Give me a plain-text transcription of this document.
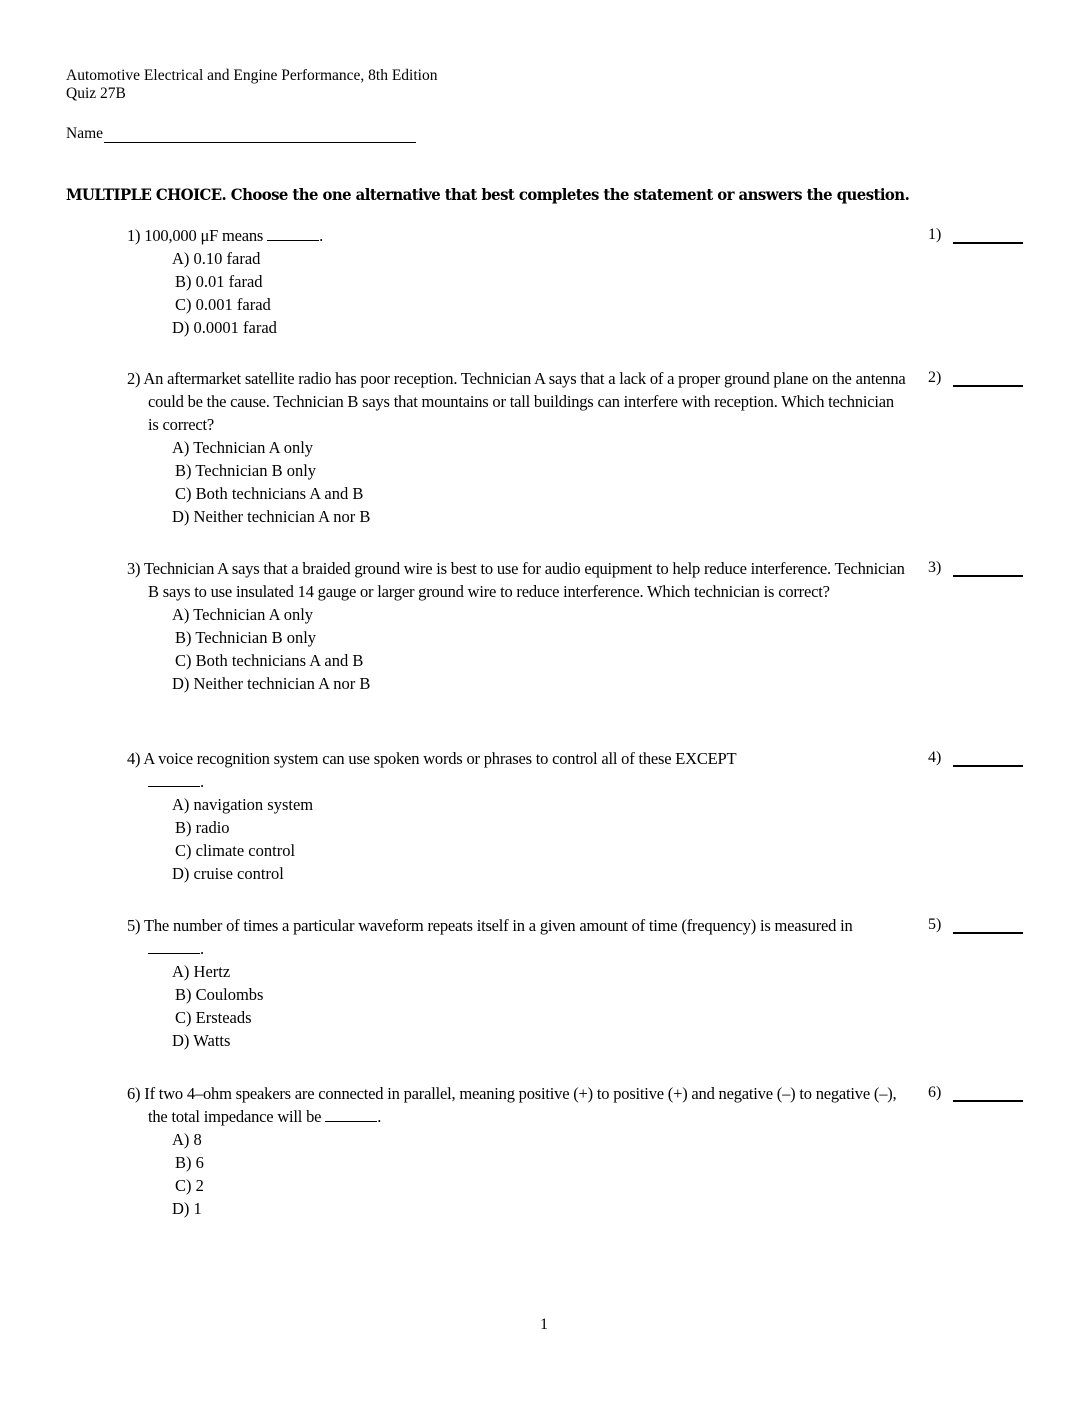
Automotive Electrical and Engine Performance, 8th Edition
Quiz 27B
Name
MULTIPLE CHOICE. Choose the one alternative that best completes the statement or answers the question.
1) 100,000 μF means	.
A) 0.10 farad
B) 0.01 farad
C) 0.001 farad
D) 0.0001 farad
1)
2) An aftermarket satellite radio has poor reception. Technician A says that a lack of a proper ground plane on the antenna could be the cause. Technician B says that mountains or tall buildings can interfere with reception. Which technician is correct?
A) Technician A only
B) Technician B only
C) Both technicians A and B
D) Neither technician A nor B
2)
3) Technician A says that a braided ground wire is best to use for audio equipment to help reduce interference. Technician B says to use insulated 14 gauge or larger ground wire to reduce interference. Which technician is correct?
A) Technician A only
B) Technician B only
C) Both technicians A and B
D) Neither technician A nor B
3)
4) A voice recognition system can use spoken words or phrases to control all of these EXCEPT
.
A) navigation system
B) radio
C) climate control
D) cruise control
4)
5) The number of times a particular waveform repeats itself in a given amount of time (frequency) is measured in .
A) Hertz
B) Coulombs
C) Ersteads
D) Watts
5)
6) If two 4–ohm speakers are connected in parallel, meaning positive (+) to positive (+) and negative (–) to negative (–), the total impedance will be	.
A) 8
B) 6
C) 2
D) 1
6)
1
